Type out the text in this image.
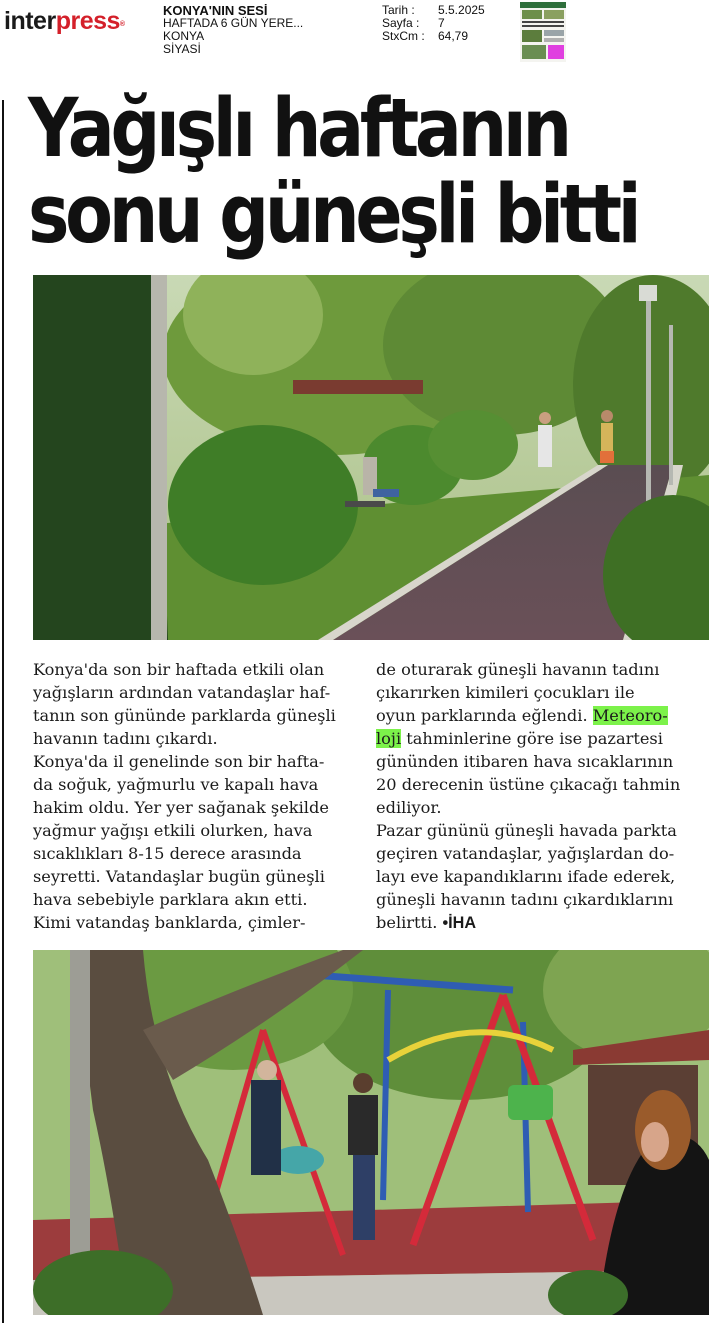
interpress®
KONYA'NIN SESİ
HAFTADA 6 GÜN YERE...
KONYA
SİYASİ
Tarih : 5.5.2025
Sayfa : 7
StxCm : 64,79
Yağışlı haftanın
sonu güneşli bitti

Konya'da son bir haftada etkili olan

yağışların ardından vatandaşlar haf-

tanın son gününde parklarda güneşli

havanın tadını çıkardı.

Konya'da il genelinde son bir hafta-

da soğuk, yağmurlu ve kapalı hava

hakim oldu. Yer yer sağanak şekilde

yağmur yağışı etkili olurken, hava

sıcaklıkları 8-15 derece arasında

seyretti. Vatandaşlar bugün güneşli

hava sebebiyle parklara akın etti.

Kimi vatandaş banklarda, çimler-

de oturarak güneşli havanın tadını

çıkarırken kimileri çocukları ile

oyun parklarında eğlendi. Meteoro-

loji tahminlerine göre ise pazartesi

gününden itibaren hava sıcaklarının

20 derecenin üstüne çıkacağı tahmin

ediliyor.

Pazar gününü güneşli havada parkta

geçiren vatandaşlar, yağışlardan do-

layı eve kapandıklarını ifade ederek,

güneşli havanın tadını çıkardıklarını

belirtti. •İHA
